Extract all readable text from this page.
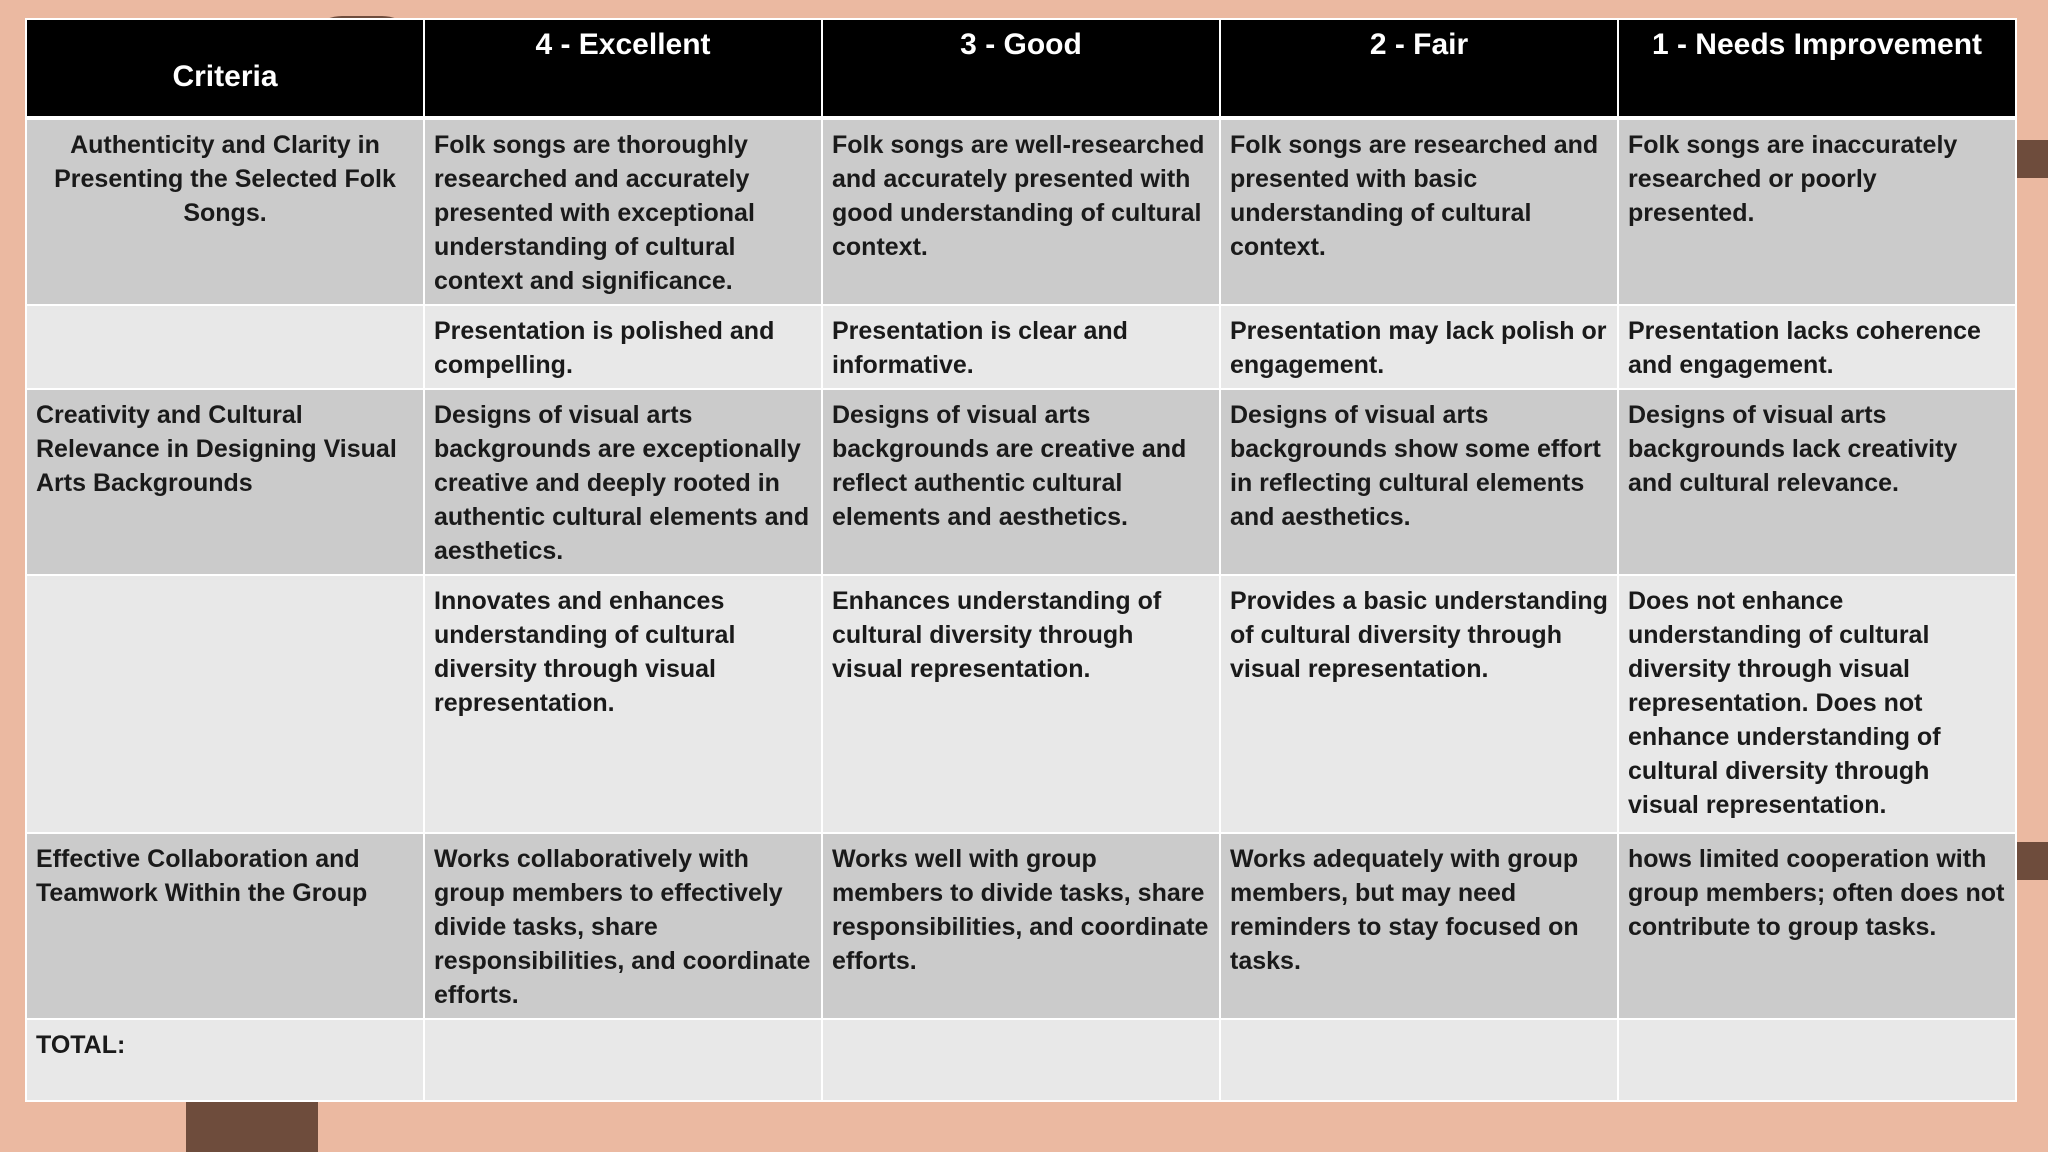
Criteria	4 - Excellent	3 - Good	2 - Fair	1 - Needs Improvement
Authenticity and Clarity in Presenting the Selected Folk Songs.	Folk songs are thoroughly researched and accurately presented with exceptional understanding of cultural context and significance.	Folk songs are well-researched and accurately presented with good understanding of cultural context.	Folk songs are researched and presented with basic understanding of cultural context.	Folk songs are inaccurately researched or poorly presented.
	Presentation is polished and compelling.	Presentation is clear and informative.	Presentation may lack polish or engagement.	Presentation lacks coherence and engagement.
Creativity and Cultural Relevance in Designing Visual Arts Backgrounds	Designs of visual arts backgrounds are exceptionally creative and deeply rooted in authentic cultural elements and aesthetics.	Designs of visual arts backgrounds are creative and reflect authentic cultural elements and aesthetics.	Designs of visual arts backgrounds show some effort in reflecting cultural elements and aesthetics.	Designs of visual arts backgrounds lack creativity and cultural relevance.
	Innovates and enhances understanding of cultural diversity through visual representation.	Enhances understanding of cultural diversity through visual representation.	Provides a basic understanding of cultural diversity through visual representation.	Does not enhance understanding of cultural diversity through visual representation. Does not enhance understanding of cultural diversity through visual representation.
Effective Collaboration and Teamwork Within the Group	Works collaboratively with group members to effectively divide tasks, share responsibilities, and coordinate efforts.	Works well with group members to divide tasks, share responsibilities, and coordinate efforts.	Works adequately with group members, but may need reminders to stay focused on tasks.	hows limited cooperation with group members; often does not contribute to group tasks.
TOTAL:				
